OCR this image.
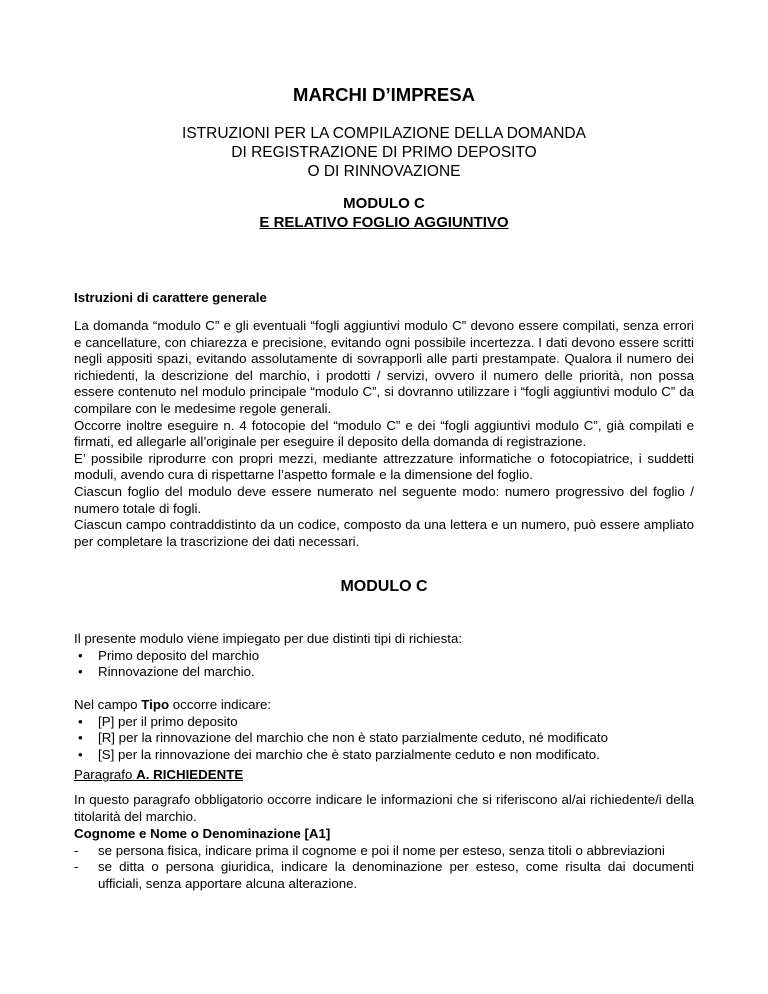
MARCHI D’IMPRESA
ISTRUZIONI PER LA COMPILAZIONE DELLA DOMANDA
DI REGISTRAZIONE DI PRIMO DEPOSITO
O DI RINNOVAZIONE
MODULO C
E RELATIVO FOGLIO AGGIUNTIVO
Istruzioni di carattere generale

La domanda “modulo C” e gli eventuali “fogli aggiuntivi modulo C” devono essere compilati, senza errori e cancellature, con chiarezza e precisione, evitando ogni possibile incertezza. I dati devono essere scritti negli appositi spazi, evitando assolutamente di sovrapporli alle parti prestampate. Qualora il numero dei richiedenti, la descrizione del marchio, i prodotti / servizi, ovvero il numero delle priorità, non possa essere contenuto nel modulo principale “modulo C”, si dovranno utilizzare i “fogli aggiuntivi modulo C” da compilare con le medesime regole generali.

Occorre inoltre eseguire n. 4 fotocopie del “modulo C” e dei “fogli aggiuntivi modulo C”, già compilati e firmati, ed allegarle all’originale per eseguire il deposito della domanda di registrazione.

E’ possibile riprodurre con propri mezzi, mediante attrezzature informatiche o fotocopiatrice, i suddetti moduli, avendo cura di rispettarne l’aspetto formale e la dimensione del foglio.

Ciascun foglio del modulo deve essere numerato nel seguente modo: numero progressivo del foglio / numero totale di fogli.

Ciascun campo contraddistinto da un codice, composto da una lettera e un numero, può essere ampliato per completare la trascrizione dei dati necessari.

MODULO C

Il presente modulo viene impiegato per due distinti tipi di richiesta:

• Primo deposito del marchio
• Rinnovazione del marchio.

Nel campo Tipo occorre indicare:

• [P] per il primo deposito
• [R] per la rinnovazione del marchio che non è stato parzialmente ceduto, né modificato
• [S] per la rinnovazione dei marchio che è stato parzialmente ceduto e non modificato.
Paragrafo A. RICHIEDENTE

In questo paragrafo obbligatorio occorre indicare le informazioni che si riferiscono al/ai richiedente/i della titolarità del marchio.

Cognome e Nome o Denominazione [A1]
- se persona fisica, indicare prima il cognome e poi il nome per esteso, senza titoli o abbreviazioni
- se ditta o persona giuridica, indicare la denominazione per esteso, come risulta dai documenti ufficiali, senza apportare alcuna alterazione.
